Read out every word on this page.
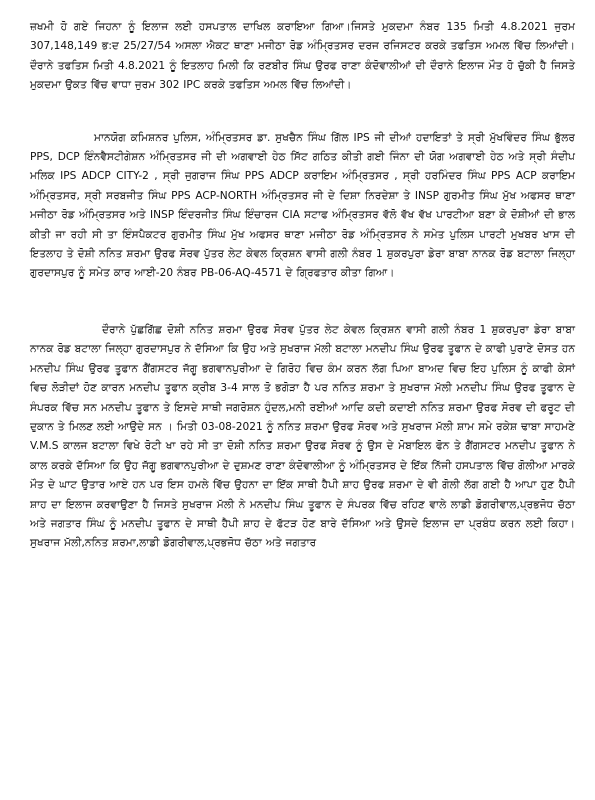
ਜ਼ਖਮੀ ਹੋ ਗਏ ਜਿਹਨਾ ਨੂੰ ਇਲਾਜ ਲਈ ਹਸਪਤਾਲ ਦਾਖਿਲ ਕਰਾਇਆ ਗਿਆ।ਜਿਸਤੇ ਮੁਕਦਮਾ ਨੰਬਰ 135 ਮਿਤੀ 4.8.2021 ਜੁਰਮ 307,148,149 ਭ:ਦ 25/27/54 ਅਸਲਾ ਐਕਟ ਥਾਣਾ ਮਜੀਠਾ ਰੋਡ ਅੰਮ੍ਰਿਤਸਰ ਦਰਜ ਰਜਿਸਟਰ ਕਰਕੇ ਤਫਤਿਸ ਅਮਲ ਵਿੱਚ ਲਿਆਂਦੀ।ਦੌਰਾਨੇ ਤਫਤਿਸ ਮਿਤੀ 4.8.2021 ਨੂੰ ਇਤਲਾਹ ਮਿਲੀ ਕਿ ਰਣਬੀਰ ਸਿੰਘ ਉਰਫ ਰਾਣਾ ਕੰਦੋਵਾਲੀਆਂ ਦੀ ਦੌਰਾਨੇ ਇਲਾਜ ਮੌਤ ਹੋ ਚੁੱਕੀ ਹੈ ਜਿਸਤੇ ਮੁਕਦਮਾ ਉਕਤ ਵਿੱਚ ਵਾਧਾ ਜੁਰਮ 302 IPC ਕਰਕੇ ਤਫਤਿਸ ਅਮਲ ਵਿੱਚ ਲਿਆਂਦੀ।

ਮਾਨਯੋਗ ਕਮਿਸ਼ਨਰ ਪੁਲਿਸ, ਅੰਮ੍ਰਿਤਸਰ ਡਾ. ਸੁਖਚੈਨ ਸਿੰਘ ਗਿੱਲ IPS ਜੀ ਦੀਆਂ ਹਦਾਇਤਾਂ ਤੇ ਸ੍ਰੀ ਮੁੱਖਵਿੰਦਰ ਸਿੰਘ ਭੁੱਲਰ PPS, DCP ਇੰਨਵੈਸਟੀਗੇਸ਼ਨ ਅੰਮ੍ਰਿਤਸਰ ਜੀ ਦੀ ਅਗਵਾਈ ਹੇਠ ਸਿੱਟ ਗਠਿਤ ਕੀਤੀ ਗਈ ਜਿੰਨਾ ਦੀ ਯੋਗ ਅਗਵਾਈ ਹੇਠ ਅਤੇ ਸ੍ਰੀ ਸੰਦੀਪ ਮਲਿਕ IPS ADCP CITY-2 , ਸ੍ਰੀ ਜੁਗਰਾਜ ਸਿੰਘ PPS ADCP ਕਰਾਇਮ ਅੰਮ੍ਰਿਤਸਰ , ਸ੍ਰੀ ਹਰਮਿੰਦਰ ਸਿੰਘ PPS ACP ਕਰਾਇਮ ਅੰਮ੍ਰਿਤਸਰ, ਸ੍ਰੀ ਸਰਬਜੀਤ ਸਿੰਘ PPS ACP-NORTH ਅੰਮ੍ਰਿਤਸਰ ਜੀ ਦੇ ਦਿਸ਼ਾ ਨਿਰਦੇਸ਼ਾ ਤੇ INSP ਗੁਰਮੀਤ ਸਿੰਘ ਮੁੱਖ ਅਫਸਰ ਥਾਣਾ ਮਜੀਠਾ ਰੋਡ ਅੰਮ੍ਰਿਤਸਰ ਅਤੇ INSP ਇੰਦਰਜੀਤ ਸਿੰਘ ਇੰਚਾਰਜ CIA ਸਟਾਫ ਅੰਮ੍ਰਿਤਸਰ ਵੱਲੋ ਵੱਖ ਵੱਖ ਪਾਰਟੀਆ ਬਣਾ ਕੇ ਦੋਸ਼ੀਆਂ ਦੀ ਭਾਲ ਕੀਤੀ ਜਾ ਰਹੀ ਸੀ ਤਾ ਇੰਸਪੈਕਟਰ ਗੁਰਮੀਤ ਸਿੰਘ ਮੁੱਖ ਅਫਸਰ ਥਾਣਾ ਮਜੀਠਾ ਰੋਡ ਅੰਮ੍ਰਿਤਸਰ ਨੇ ਸਮੇਤ ਪੁਲਿਸ ਪਾਰਟੀ ਮੁਖਬਰ ਖਾਸ ਦੀ ਇਤਲਾਹ ਤੇ ਦੋਸ਼ੀ ਨਨਿਤ ਸ਼ਰਮਾ ਉਰਫ ਸੋਰਵ ਪੁੱਤਰ ਲੇਟ ਕੇਵਲ ਕ੍ਰਿਸ਼ਨ ਵਾਸੀ ਗਲੀ ਨੰਬਰ 1 ਸ਼ੁਕਰਪੁਰਾ ਡੇਰਾ ਬਾਬਾ ਨਾਨਕ ਰੋਡ ਬਟਾਲਾ ਜਿਲ੍ਹਾ ਗੁਰਦਾਸਪੁਰ ਨੂੰ ਸਮੇਤ ਕਾਰ ਆਈ-20 ਨੰਬਰ PB-06-AQ-4571 ਦੇ ਗ੍ਰਿਫਤਾਰ ਕੀਤਾ ਗਿਆ।

ਦੌਰਾਨੇ ਪੁੱਛਗਿੱਛ ਦੋਸ਼ੀ ਨਨਿਤ ਸ਼ਰਮਾ ਉਰਫ ਸੋਰਵ ਪੁੱਤਰ ਲੇਟ ਕੇਵਲ ਕ੍ਰਿਸ਼ਨ ਵਾਸੀ ਗਲੀ ਨੰਬਰ 1 ਸ਼ੁਕਰਪੁਰਾ ਡੇਰਾ ਬਾਬਾ ਨਾਨਕ ਰੋਡ ਬਟਾਲਾ ਜਿਲ੍ਹਾ ਗੁਰਦਾਸਪੁਰ ਨੇ ਦੱਸਿਆ ਕਿ ਉਹ ਅਤੇ ਸੁਖਰਾਜ ਮੱਲੀ ਬਟਾਲਾ ਮਨਦੀਪ ਸਿੰਘ ਉਰਫ ਤੂਫਾਨ ਦੇ ਕਾਫੀ ਪੁਰਾਣੇ ਦੋਸਤ ਹਨ ਮਨਦੀਪ ਸਿੰਘ ਉਰਫ ਤੂਫਾਨ ਗੈਂਗਸਟਰ ਜੱਗੂ ਭਗਵਾਨਪੁਰੀਆ ਦੇ ਗਿਰੋਹ ਵਿਚ ਕੰਮ ਕਰਨ ਲੱਗ ਪਿਆ ਬਾਅਦ ਵਿਚ ਇਹ ਪੁਲਿਸ ਨੂੰ ਕਾਫੀ ਕੇਸਾਂ ਵਿਚ ਲੋੜੀਦਾਂ ਹੋਣ ਕਾਰਨ ਮਨਦੀਪ ਤੂਫਾਨ ਕ੍ਰੀਬ 3-4 ਸਾਲ ਤੋ ਭਗੋੜਾ ਹੈ ਪਰ ਨਨਿਤ ਸ਼ਰਮਾ ਤੇ ਸੁਖਰਾਜ ਮੱਲੀ ਮਨਦੀਪ ਸਿੰਘ ਉਰਫ ਤੂਫਾਨ ਦੇ ਸੰਪਰਕ ਵਿੱਚ ਸਨ ਮਨਦੀਪ ਤੂਫਾਨ ਤੇ ਇਸਦੇ ਸਾਥੀ ਜਗਰੋਸ਼ਨ ਹੁੰਦਲ,ਮਨੀ ਰਈਆਂ ਆਦਿ ਕਦੀ ਕਦਾਈ ਨਨਿਤ ਸ਼ਰਮਾ ਉਰਫ ਸੋਰਵ ਦੀ ਫਰੂਟ ਦੀ ਦੁਕਾਨ ਤੇ ਮਿਲਣ ਲਈ ਆਉਦੇ ਸਨ । ਮਿਤੀ 03-08-2021 ਨੂੰ ਨਨਿਤ ਸ਼ਰਮਾ ਉਰਫ ਸੋਰਵ ਅਤੇ ਸੁਖਰਾਜ ਮੱਲੀ ਸ਼ਾਮ ਸਮੇ ਰਕੇਸ਼ ਢਾਬਾ ਸਾਹਮਣੇ V.M.S ਕਾਲਜ ਬਟਾਲਾ ਵਿਖੇ ਰੋਟੀ ਖਾ ਰਹੇ ਸੀ ਤਾ ਦੋਸ਼ੀ ਨਨਿਤ ਸ਼ਰਮਾ ਉਰਫ ਸੋਰਵ ਨੂੰ ਉਸ ਦੇ ਮੋਬਾਇਲ ਫੋਨ ਤੇ ਗੈਂਗਸਟਰ ਮਨਦੀਪ ਤੂਫਾਨ ਨੇ ਕਾਲ ਕਰਕੇ ਦੱਸਿਆ ਕਿ ਉਹ ਜੱਗੂ ਭਗਵਾਨਪੁਰੀਆ ਦੇ ਦੁਸ਼ਮਣ ਰਾਣਾ ਕੰਦੋਵਾਲੀਆ ਨੂੰ ਅੰਮ੍ਰਿਤਸਰ ਦੇ ਇੱਕ ਨਿੱਜੀ ਹਸਪਤਾਲ ਵਿੱਚ ਗੋਲੀਆ ਮਾਰਕੇ ਮੌਤ ਦੇ ਘਾਟ ਉਤਾਰ ਆਏ ਹਨ ਪਰ ਇਸ ਹਮਲੇ ਵਿੱਚ ਉਹਨਾ ਦਾ ਇੱਕ ਸਾਥੀ ਹੈਪੀ ਸ਼ਾਹ ਉਰਫ ਸ਼ਰਮਾ ਦੇ ਵੀ ਗੋਲੀ ਲੱਗ ਗਈ ਹੈ ਆਪਾ ਹੁਣ ਹੈਪੀ ਸ਼ਾਹ ਦਾ ਇਲਾਜ ਕਰਵਾਉਣਾ ਹੈ ਜਿਸਤੇ ਸੁਖਰਾਜ ਮੱਲੀ ਨੇ ਮਨਦੀਪ ਸਿੰਘ ਤੂਫਾਨ ਦੇ ਸੰਪਰਕ ਵਿੱਚ ਰਹਿਣ ਵਾਲੇ ਲਾਡੀ ਡੋਗਰੀਵਾਲ,ਪ੍ਰਭਜੋਧ ਚੱਠਾ ਅਤੇ ਜਗਤਾਰ ਸਿੰਘ ਨੂੰ ਮਨਦੀਪ ਤੂਫਾਨ ਦੇ ਸਾਥੀ ਹੈਪੀ ਸ਼ਾਹ ਦੇ ਫੱਟੜ ਹੋਣ ਬਾਰੇ ਦੱਸਿਆ ਅਤੇ ਉਸਦੇ ਇਲਾਜ ਦਾ ਪ੍ਰਬੰਧ ਕਰਨ ਲਈ ਕਿਹਾ।ਸੁਖਰਾਜ ਮੱਲੀ,ਨਨਿਤ ਸ਼ਰਮਾ,ਲਾਡੀ ਡੋਗਰੀਵਾਲ,ਪ੍ਰਭਜੋਧ ਚੱਠਾ ਅਤੇ ਜਗਤਾਰ
